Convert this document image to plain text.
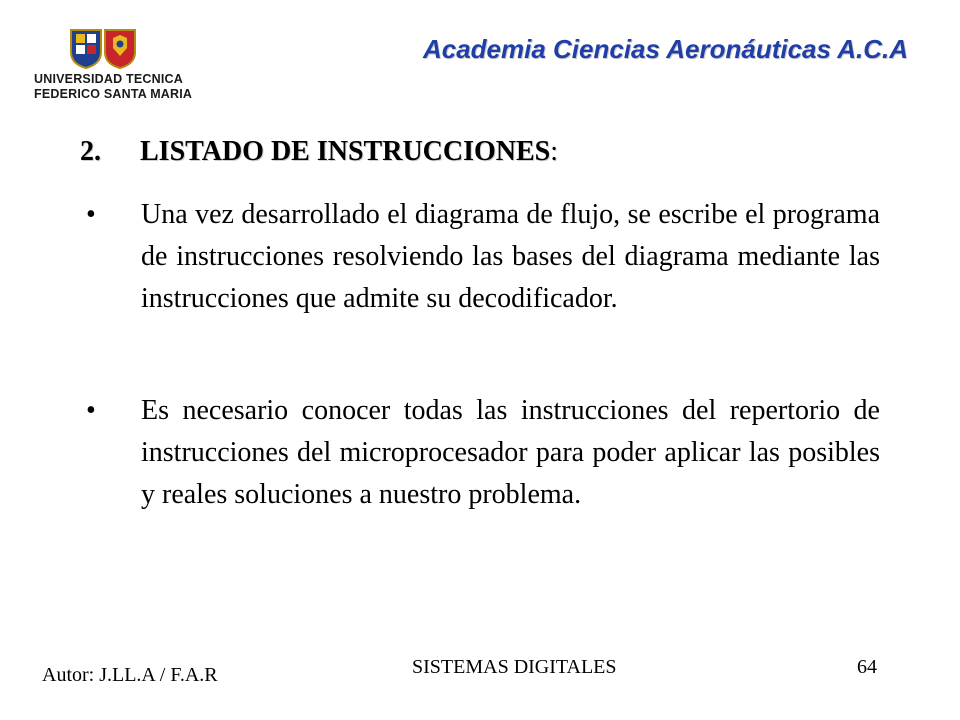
UNIVERSIDAD TECNICA
FEDERICO SANTA MARIA
Academia Ciencias Aeronáuticas A.C.A
2. LISTADO DE INSTRUCCIONES:
• Una vez desarrollado el diagrama de flujo, se escribe el programa de instrucciones resolviendo las bases del diagrama mediante las instrucciones que admite su decodificador.
• Es necesario conocer todas las instrucciones del repertorio de instrucciones del microprocesador para poder aplicar las posibles y reales soluciones a nuestro problema.
Autor: J.LL.A / F.A.R	SISTEMAS DIGITALES	64
